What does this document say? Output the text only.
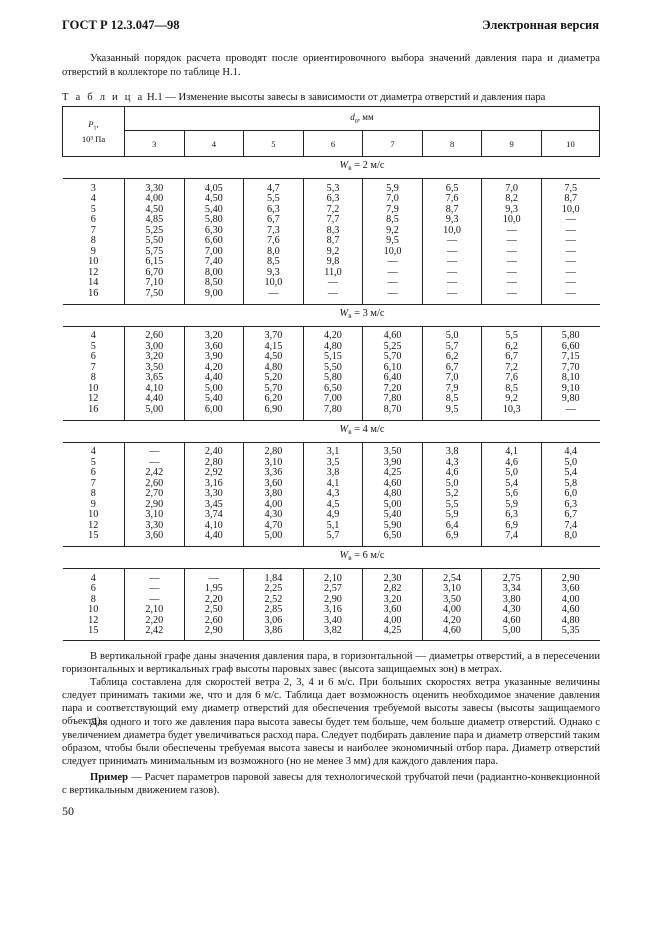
ГОСТ Р 12.3.047—98	Электронная версия

Указанный порядок расчета проводят после ориентировочного выбора значений давления пара и диаметра отверстий в коллекторе по таблице Н.1.

Т а б л и ц а Н.1 — Изменение высоты завесы в зависимости от диаметра отверстий и давления пара
$P_1$,
10³ Па	$d_0$, мм							
	3	4	5	6	7	8	9	10
	$W_в = 2$ м/с							

3	3,30	4,05	4,7	5,3	5,9	6,5	7,0	7,5
4	4,00	4,50	5,5	6,3	7,0	7,6	8,2	8,7
5	4,50	5,40	6,3	7,2	7,9	8,7	9,3	10,0
6	4,85	5,80	6,7	7,7	8,5	9,3	10,0	—
7	5,25	6,30	7,3	8,3	9,2	10,0	—	—
8	5,50	6,60	7,6	8,7	9,5	—	—	—
9	5,75	7,00	8,0	9,2	10,0	—	—	—
10	6,15	7,40	8,5	9,8	—	—	—	—
12	6,70	8,00	9,3	11,0	—	—	—	—
14	7,10	8,50	10,0	—	—	—	—	—
16	7,50	9,00	—	—	—	—	—	—

	$W_в = 3$ м/с							

4	2,60	3,20	3,70	4,20	4,60	5,0	5,5	5,80
5	3,00	3,60	4,15	4,80	5,25	5,7	6,2	6,60
6	3,20	3,90	4,50	5,15	5,70	6,2	6,7	7,15
7	3,50	4,20	4,80	5,50	6,10	6,7	7,2	7,70
8	3,65	4,40	5,20	5,80	6,40	7,0	7,6	8,10
10	4,10	5,00	5,70	6,50	7,20	7,9	8,5	9,10
12	4,40	5,40	6,20	7,00	7,80	8,5	9,2	9,80
16	5,00	6,00	6,90	7,80	8,70	9,5	10,3	—

	$W_в = 4$ м/с							

4	—	2,40	2,80	3,1	3,50	3,8	4,1	4,4
5	—	2,80	3,10	3,5	3,90	4,3	4,6	5,0
6	2,42	2,92	3,36	3,8	4,25	4,6	5,0	5,4
7	2,60	3,16	3,60	4,1	4,60	5,0	5,4	5,8
8	2,70	3,30	3,80	4,3	4,80	5,2	5,6	6,0
9	2,90	3,45	4,00	4,5	5,00	5,5	5,9	6,3
10	3,10	3,74	4,30	4,9	5,40	5,9	6,3	6,7
12	3,30	4,10	4,70	5,1	5,90	6,4	6,9	7,4
15	3,60	4,40	5,00	5,7	6,50	6,9	7,4	8,0

	$W_в = 6$ м/с							

4	—	—	1,84	2,10	2,30	2,54	2,75	2,90
6	—	1,95	2,25	2,57	2,82	3,10	3,34	3,60
8	—	2,20	2,52	2,90	3,20	3,50	3,80	4,00
10	2,10	2,50	2,85	3,16	3,60	4,00	4,30	4,60
12	2,20	2,60	3,06	3,40	4,00	4,20	4,60	4,80
15	2,42	2,90	3,86	3,82	4,25	4,60	5,00	5,35

В вертикальной графе даны значения давления пара, в горизонтальной — диаметры отверстий, а в пересечении горизонтальных и вертикальных граф высоты паровых завес (высота защищаемых зон) в метрах.

Таблица составлена для скоростей ветра 2, 3, 4 и 6 м/с. При больших скоростях ветра указанные величины следует принимать такими же, что и для 6 м/с. Таблица дает возможность оценить необходимое значение давления пара и соответствующий ему диаметр отверстий для обеспечения требуемой высоты завесы (высоты защищаемого объекта).

Для одного и того же давления пара высота завесы будет тем больше, чем больше диаметр отверстий. Однако с увеличением диаметра будет увеличиваться расход пара. Следует подбирать давление пара и диаметр отверстий таким образом, чтобы были обеспечены требуемая высота завесы и наиболее экономичный отбор пара. Диаметр отверстий следует принимать минимальным из возможного (но не менее 3 мм) для каждого давления пара.

Пример — Расчет параметров паровой завесы для технологической трубчатой печи (радиантно-конвекционной с вертикальным движением газов).

50
